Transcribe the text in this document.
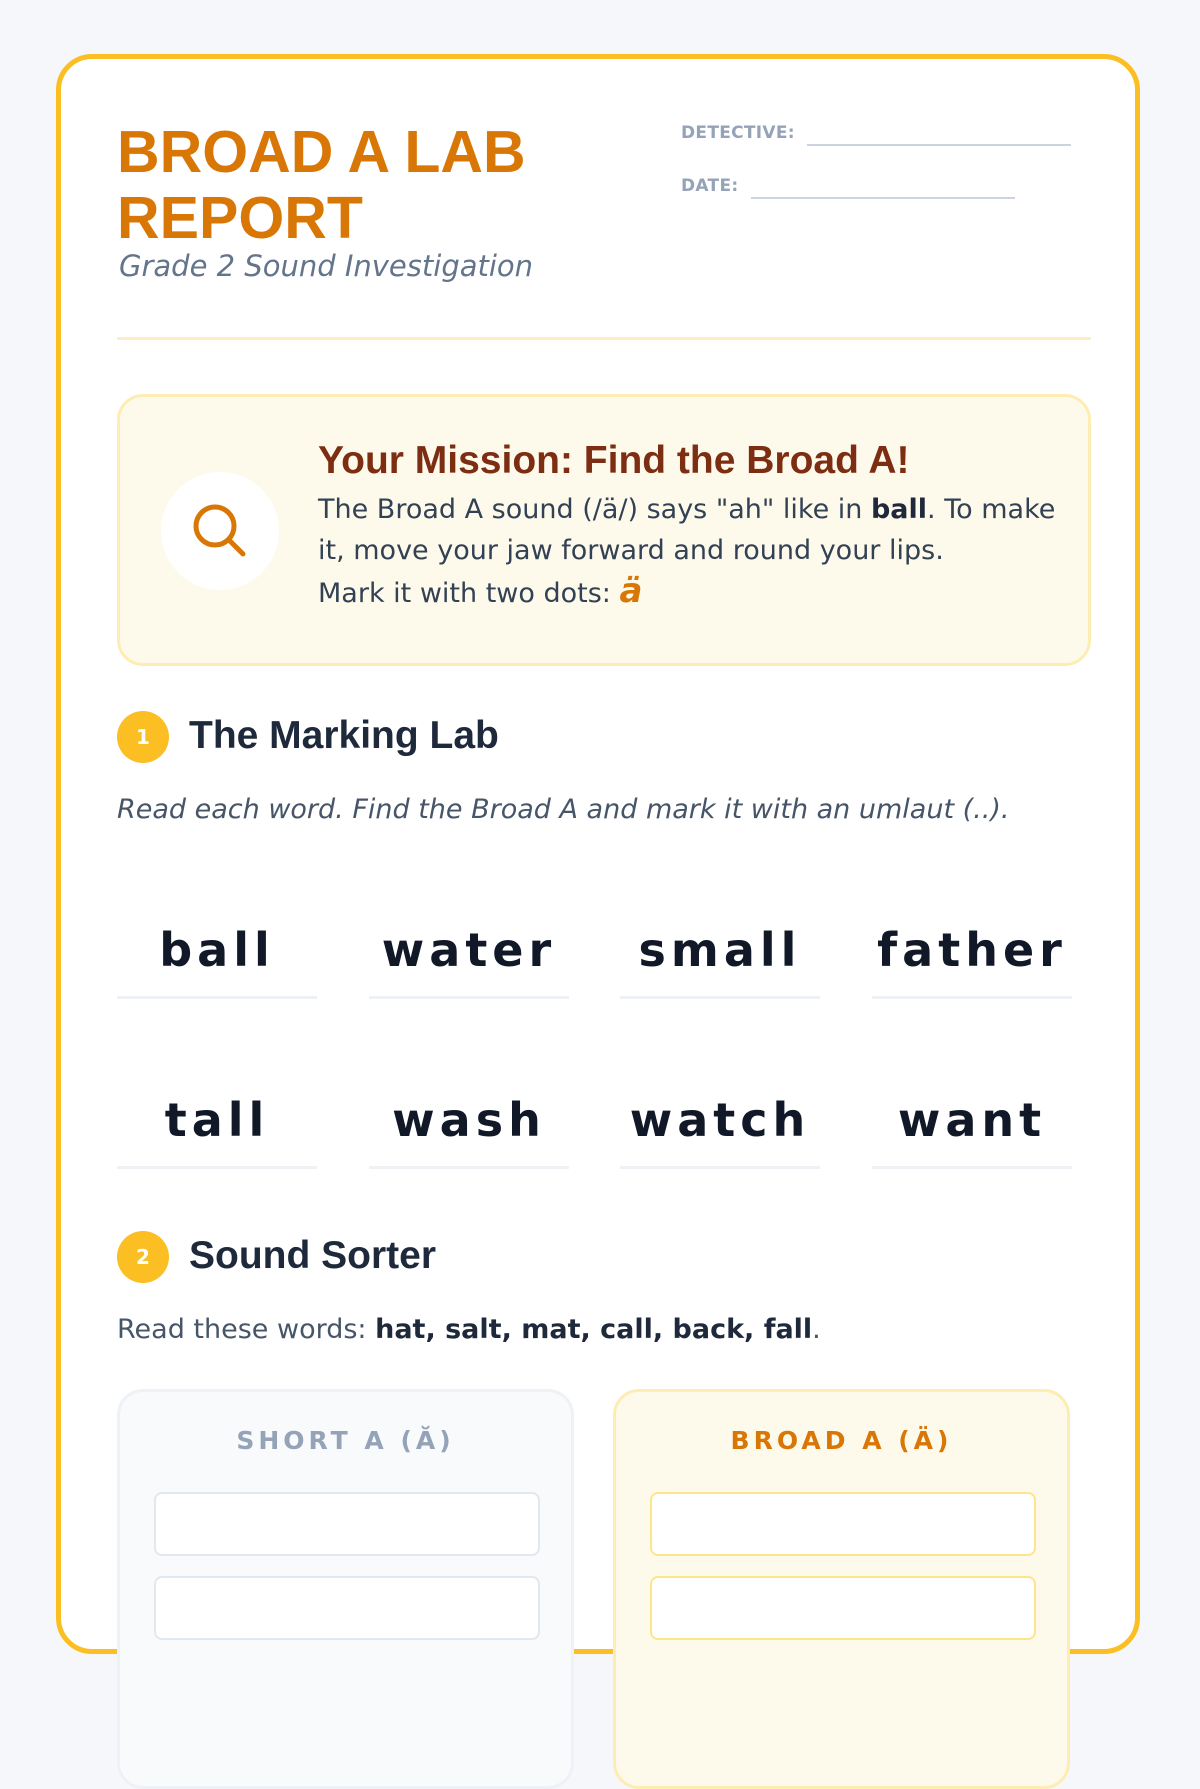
BROAD A LAB REPORT
Grade 2 Sound Investigation
DETECTIVE:
DATE:
Your Mission: Find the Broad A!
The Broad A sound (/ä/) says "ah" like in ball. To make it, move your jaw forward and round your lips.
Mark it with two dots: ä
1	The Marking Lab
Read each word. Find the Broad A and mark it with an umlaut (..).
ball	water	small	father
tall	wash	watch	want
2	Sound Sorter
Read these words: hat, salt, mat, call, back, fall.
SHORT A (Ă)	BROAD A (Ä)
